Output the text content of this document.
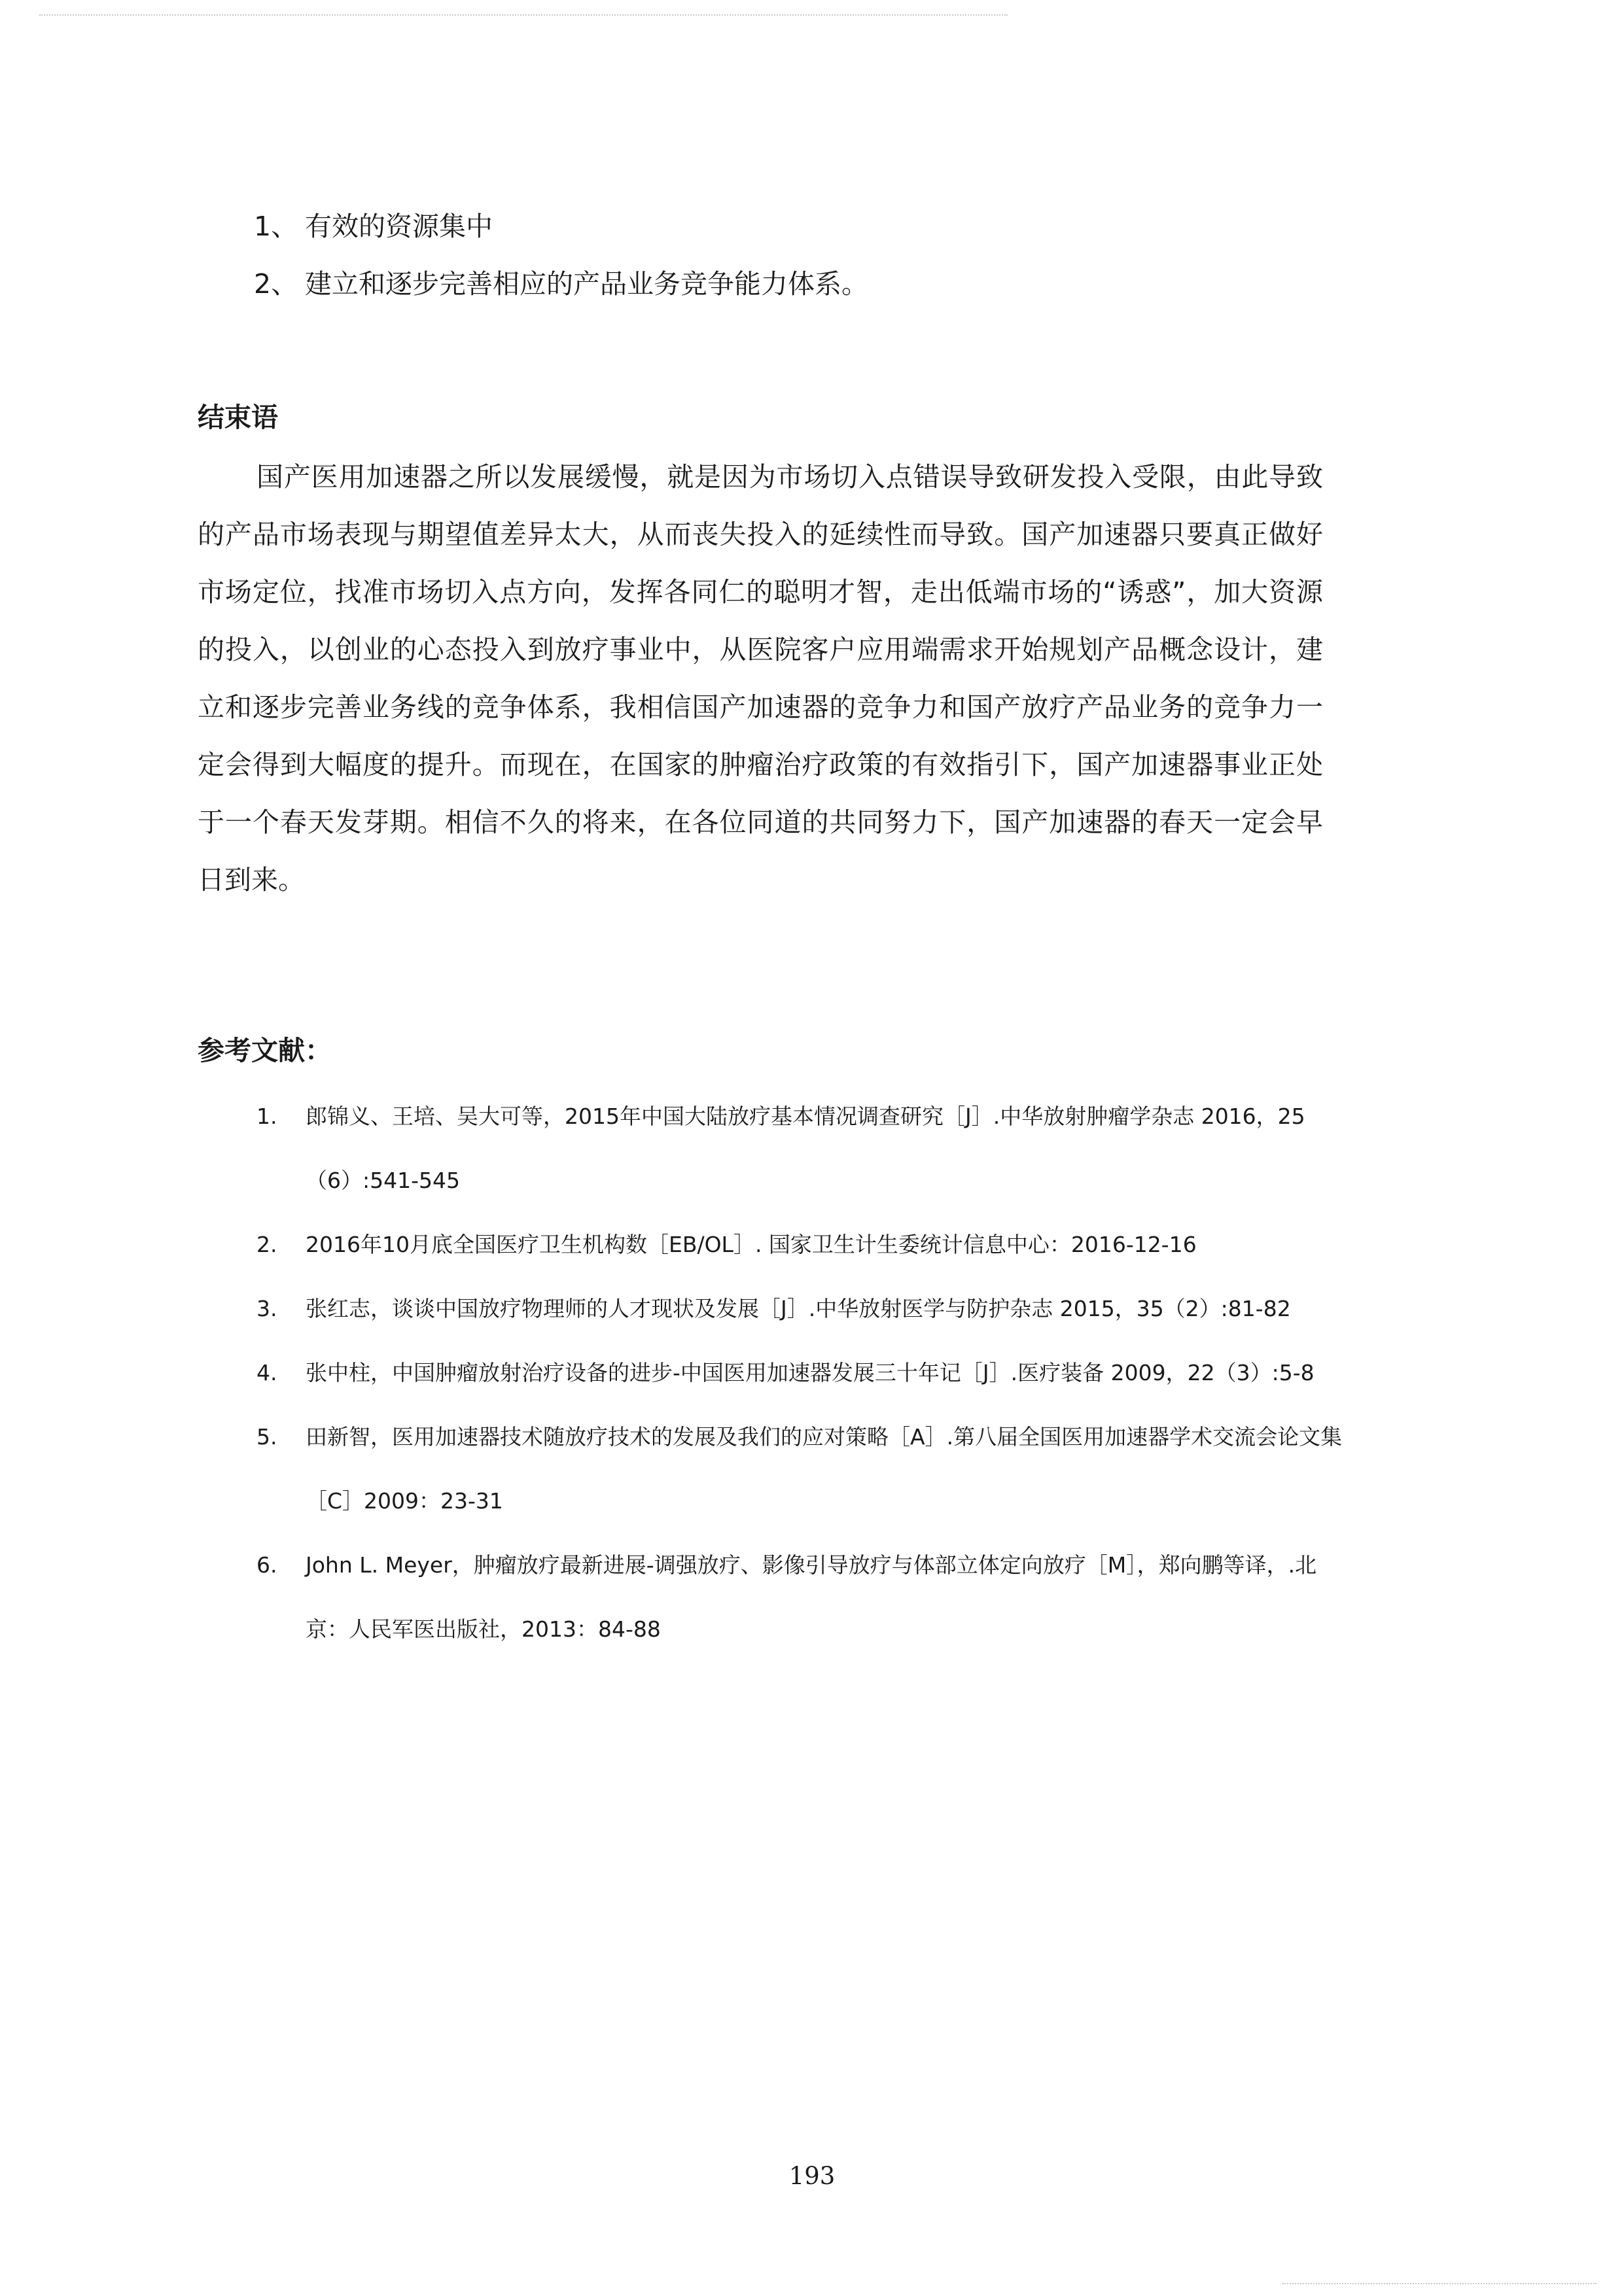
1、 有效的资源集中
2、 建立和逐步完善相应的产品业务竞争能力体系。
结束语

国产医用加速器之所以发展缓慢，就是因为市场切入点错误导致研发投入受限，由此导致的产品市场表现与期望值差异太大，从而丧失投入的延续性而导致。国产加速器只要真正做好市场定位，找准市场切入点方向，发挥各同仁的聪明才智，走出低端市场的“诱惑”，加大资源的投入，以创业的心态投入到放疗事业中，从医院客户应用端需求开始规划产品概念设计，建立和逐步完善业务线的竞争体系，我相信国产加速器的竞争力和国产放疗产品业务的竞争力一定会得到大幅度的提升。而现在，在国家的肿瘤治疗政策的有效指引下，国产加速器事业正处于一个春天发芽期。相信不久的将来，在各位同道的共同努力下，国产加速器的春天一定会早日到来。

参考文献：
1. 郎锦义、王培、吴大可等，2015年中国大陆放疗基本情况调查研究［J］.中华放射肿瘤学杂志 2016，25（6）:541-545
2. 2016年10月底全国医疗卫生机构数［EB/OL］. 国家卫生计生委统计信息中心：2016-12-16
3. 张红志，谈谈中国放疗物理师的人才现状及发展［J］.中华放射医学与防护杂志 2015，35（2）:81-82
4. 张中柱，中国肿瘤放射治疗设备的进步-中国医用加速器发展三十年记［J］.医疗装备 2009，22（3）:5-8
5. 田新智，医用加速器技术随放疗技术的发展及我们的应对策略［A］.第八届全国医用加速器学术交流会论文集［C］2009：23-31
6. John L. Meyer，肿瘤放疗最新进展-调强放疗、影像引导放疗与体部立体定向放疗［M］，郑向鹏等译，.北京：人民军医出版社，2013：84-88
193
